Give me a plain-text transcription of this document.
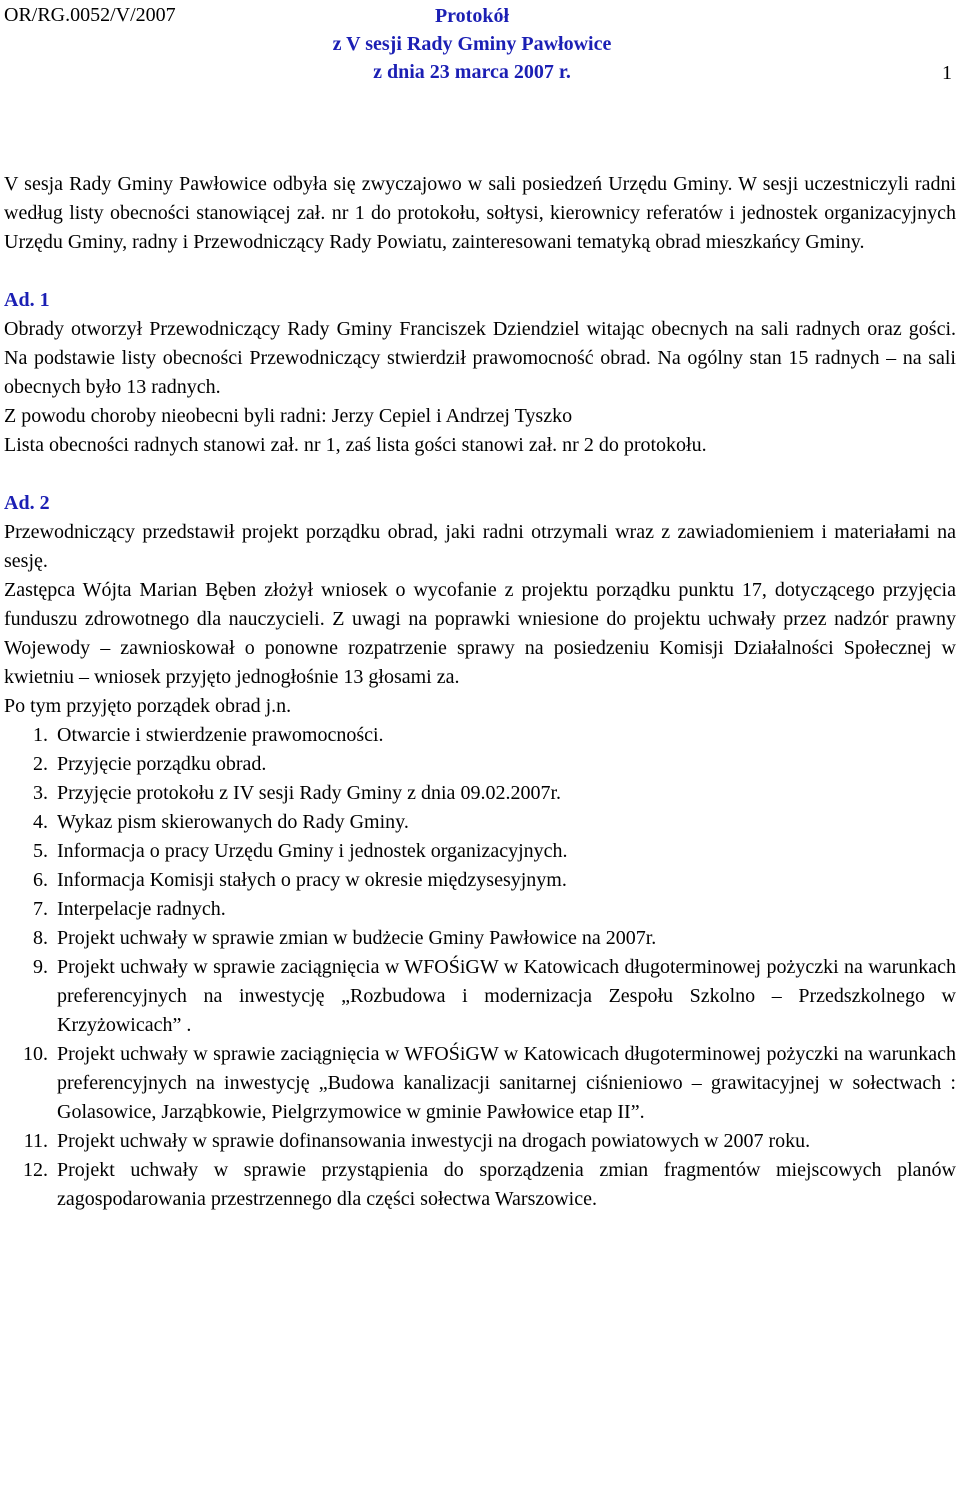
OR/RG.0052/V/2007	Protokół
z V sesji Rady Gminy Pawłowice
z dnia 23 marca 2007 r.

V sesja Rady Gminy Pawłowice odbyła się zwyczajowo w sali posiedzeń Urzędu Gminy. W sesji uczestniczyli radni według listy obecności stanowiącej zał. nr 1 do protokołu, sołtysi, kierownicy referatów i jednostek organizacyjnych Urzędu Gminy, radny i Przewodniczący Rady Powiatu, zainteresowani tematyką obrad mieszkańcy Gminy.

Ad. 1

Obrady otworzył Przewodniczący Rady Gminy Franciszek Dziendziel witając obecnych na sali radnych oraz gości. Na podstawie listy obecności Przewodniczący stwierdził prawomocność obrad. Na ogólny stan 15 radnych – na sali obecnych było 13 radnych.

Z powodu choroby nieobecni byli radni: Jerzy Cepiel i Andrzej Tyszko

Lista obecności radnych stanowi zał. nr 1, zaś lista gości stanowi zał. nr 2 do protokołu.

Ad. 2

Przewodniczący przedstawił projekt porządku obrad, jaki radni otrzymali wraz z zawiadomieniem i materiałami na sesję.

Zastępca Wójta Marian Bęben złożył wniosek o wycofanie z projektu porządku punktu 17, dotyczącego przyjęcia funduszu zdrowotnego dla nauczycieli. Z uwagi na poprawki wniesione do projektu uchwały przez nadzór prawny Wojewody – zawnioskował o ponowne rozpatrzenie sprawy na posiedzeniu Komisji Działalności Społecznej w kwietniu – wniosek przyjęto jednogłośnie 13 głosami za.

Po tym przyjęto porządek obrad j.n.

1. Otwarcie i stwierdzenie prawomocności.
2. Przyjęcie porządku obrad.
3. Przyjęcie protokołu z IV sesji Rady Gminy z dnia 09.02.2007r.
4. Wykaz pism skierowanych do Rady Gminy.
5. Informacja o pracy Urzędu Gminy i jednostek organizacyjnych.
6. Informacja Komisji stałych o pracy w okresie międzysesyjnym.
7. Interpelacje radnych.
8. Projekt uchwały w sprawie zmian w budżecie Gminy Pawłowice na 2007r.
9. Projekt uchwały w sprawie zaciągnięcia w WFOŚiGW w Katowicach długoterminowej pożyczki na warunkach preferencyjnych na inwestycję „Rozbudowa i modernizacja Zespołu Szkolno – Przedszkolnego w Krzyżowicach” .
10. Projekt uchwały w sprawie zaciągnięcia w WFOŚiGW w Katowicach długoterminowej pożyczki na warunkach preferencyjnych na inwestycję „Budowa kanalizacji sanitarnej ciśnieniowo – grawitacyjnej w sołectwach : Golasowice, Jarząbkowie, Pielgrzymowice w gminie Pawłowice etap II”.
11. Projekt uchwały w sprawie dofinansowania inwestycji na drogach powiatowych w 2007 roku.
12. Projekt uchwały w sprawie przystąpienia do sporządzenia zmian fragmentów miejscowych planów zagospodarowania przestrzennego dla części sołectwa Warszowice.
1
